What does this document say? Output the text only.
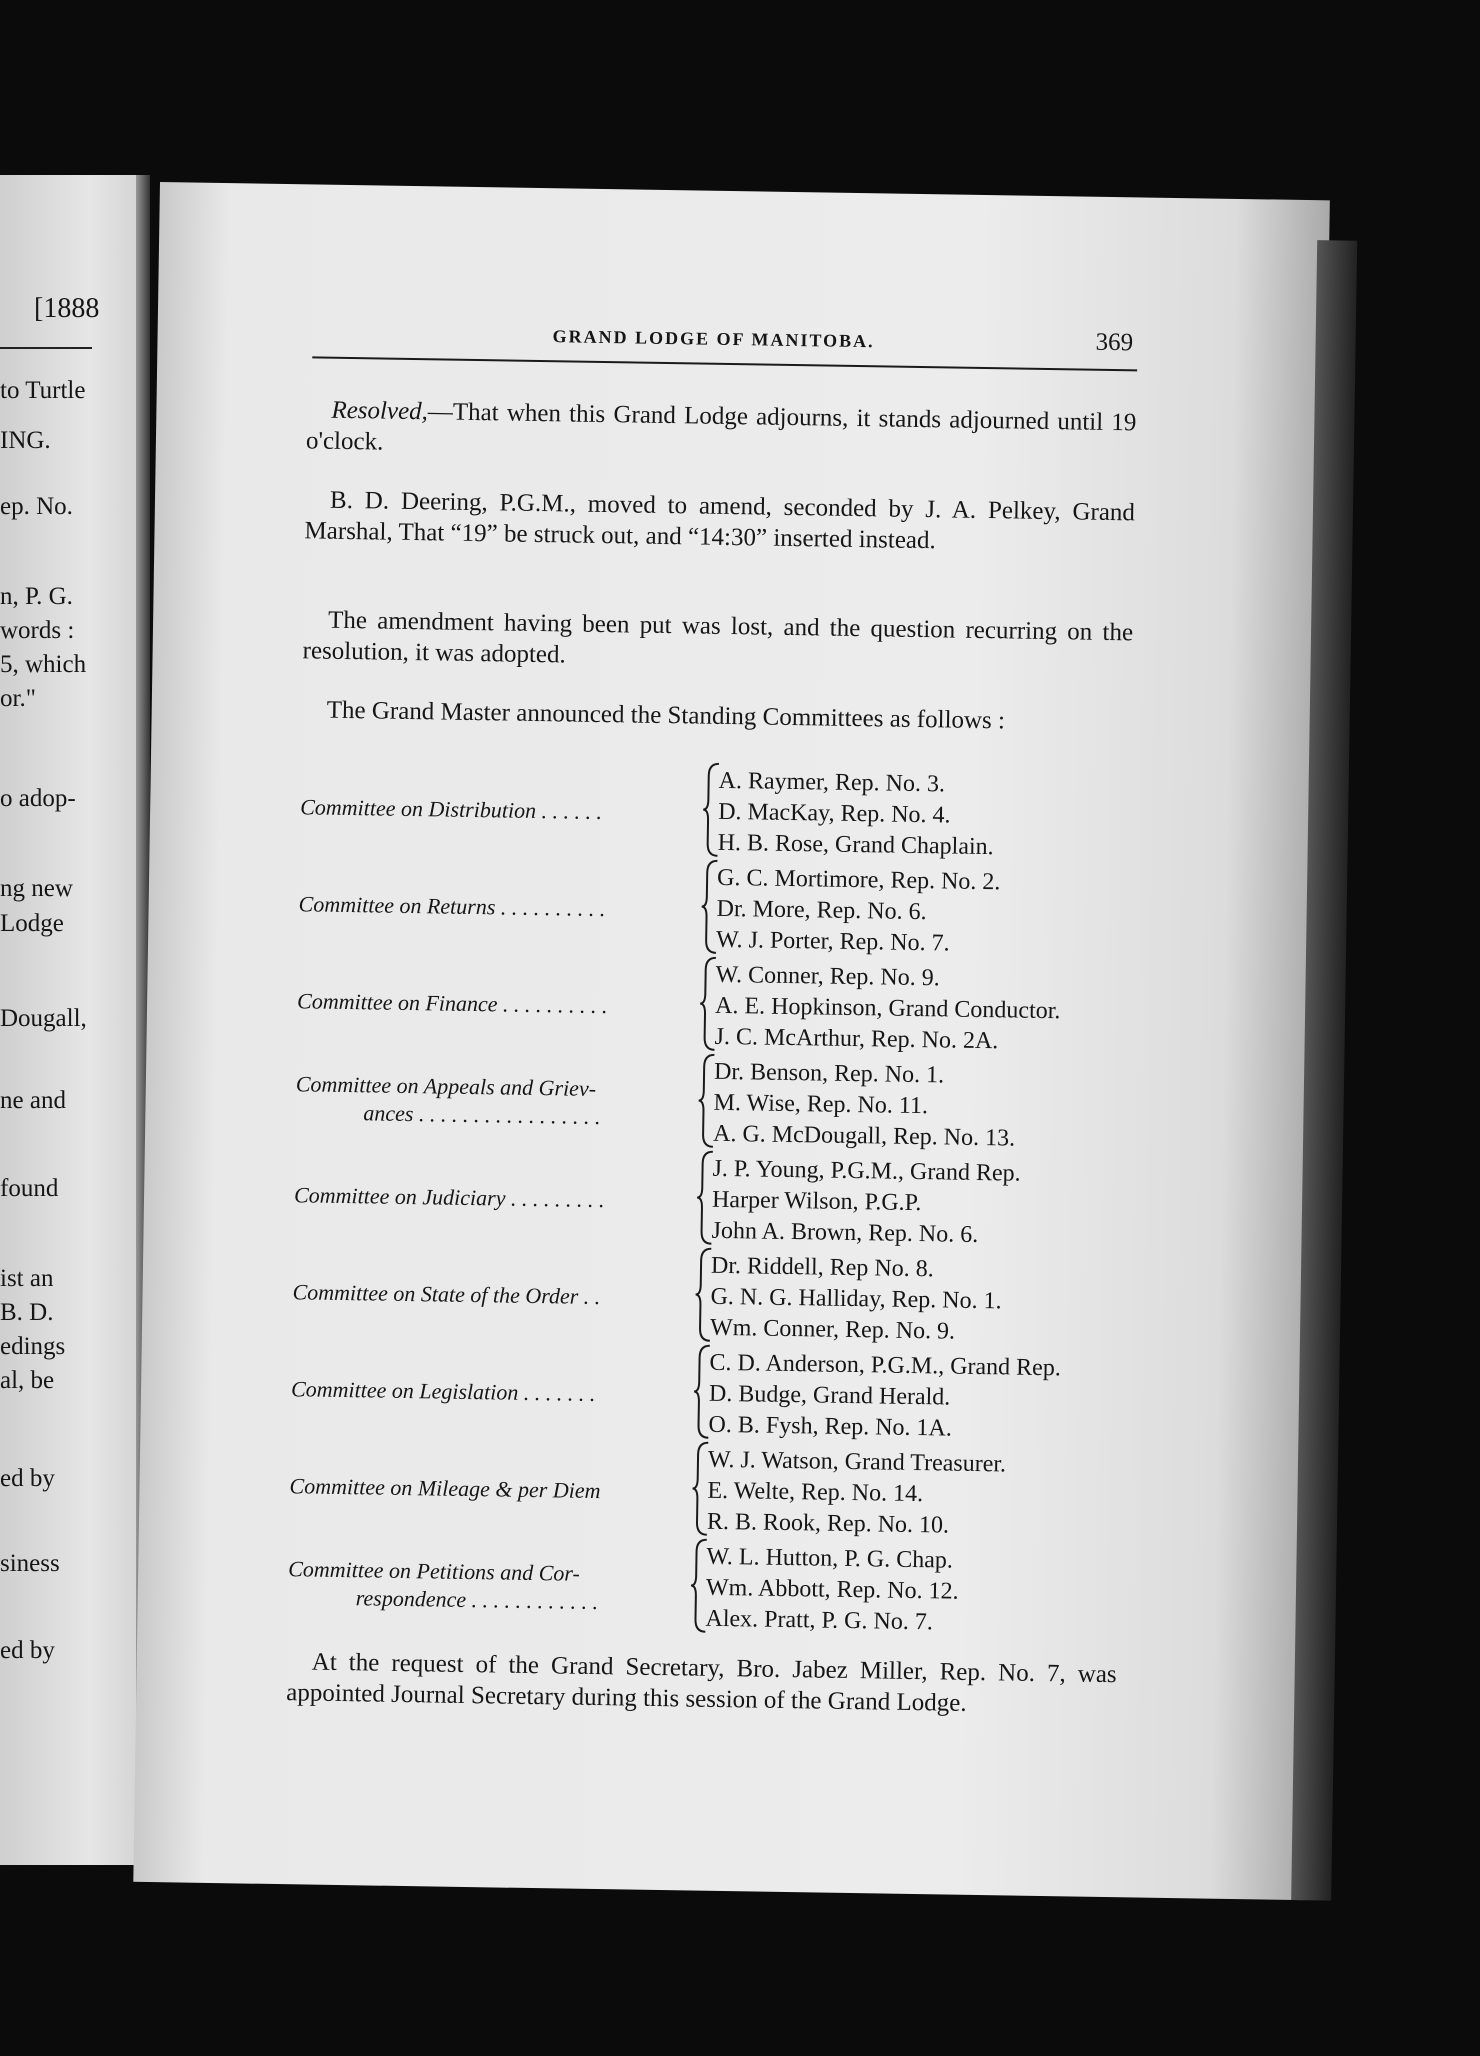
[1888
to Turtle
ING.
ep. No.
n, P. G.
words :
5, which
or."
o adop-
ng new
Lodge
Dougall,
ne and
found
ist an
B. D.
edings
al, be
ed by
siness
ed by
GRAND LODGE OF MANITOBA.	369
Resolved,—That when this Grand Lodge adjourns, it stands adjourned until 19 o'clock.
B. D. Deering, P.G.M., moved to amend, seconded by J. A. Pelkey, Grand Marshal, That “19” be struck out, and “14:30” inserted instead.
The amendment having been put was lost, and the question recurring on the resolution, it was adopted.
The Grand Master announced the Standing Committees as follows :
Committee on Distribution . . . . . .
A. Raymer, Rep. No. 3.
D. MacKay, Rep. No. 4.
H. B. Rose, Grand Chaplain.
Committee on Returns . . . . . . . . . .
G. C. Mortimore, Rep. No. 2.
Dr. More, Rep. No. 6.
W. J. Porter, Rep. No. 7.
Committee on Finance . . . . . . . . . .
W. Conner, Rep. No. 9.
A. E. Hopkinson, Grand Conductor.
J. C. McArthur, Rep. No. 2A.
Committee on Appeals and Griev-
ances . . . . . . . . . . . . . . . . .
Dr. Benson, Rep. No. 1.
M. Wise, Rep. No. 11.
A. G. McDougall, Rep. No. 13.
Committee on Judiciary . . . . . . . . .
J. P. Young, P.G.M., Grand Rep.
Harper Wilson, P.G.P.
John A. Brown, Rep. No. 6.
Committee on State of the Order . .
Dr. Riddell, Rep No. 8.
G. N. G. Halliday, Rep. No. 1.
Wm. Conner, Rep. No. 9.
Committee on Legislation . . . . . . .
C. D. Anderson, P.G.M., Grand Rep.
D. Budge, Grand Herald.
O. B. Fysh, Rep. No. 1A.
Committee on Mileage & per Diem
W. J. Watson, Grand Treasurer.
E. Welte, Rep. No. 14.
R. B. Rook, Rep. No. 10.
Committee on Petitions and Cor-
respondence . . . . . . . . . . . .
W. L. Hutton, P. G. Chap.
Wm. Abbott, Rep. No. 12.
Alex. Pratt, P. G. No. 7.
At the request of the Grand Secretary, Bro. Jabez Miller, Rep. No. 7, was appointed Journal Secretary during this session of the Grand Lodge.
